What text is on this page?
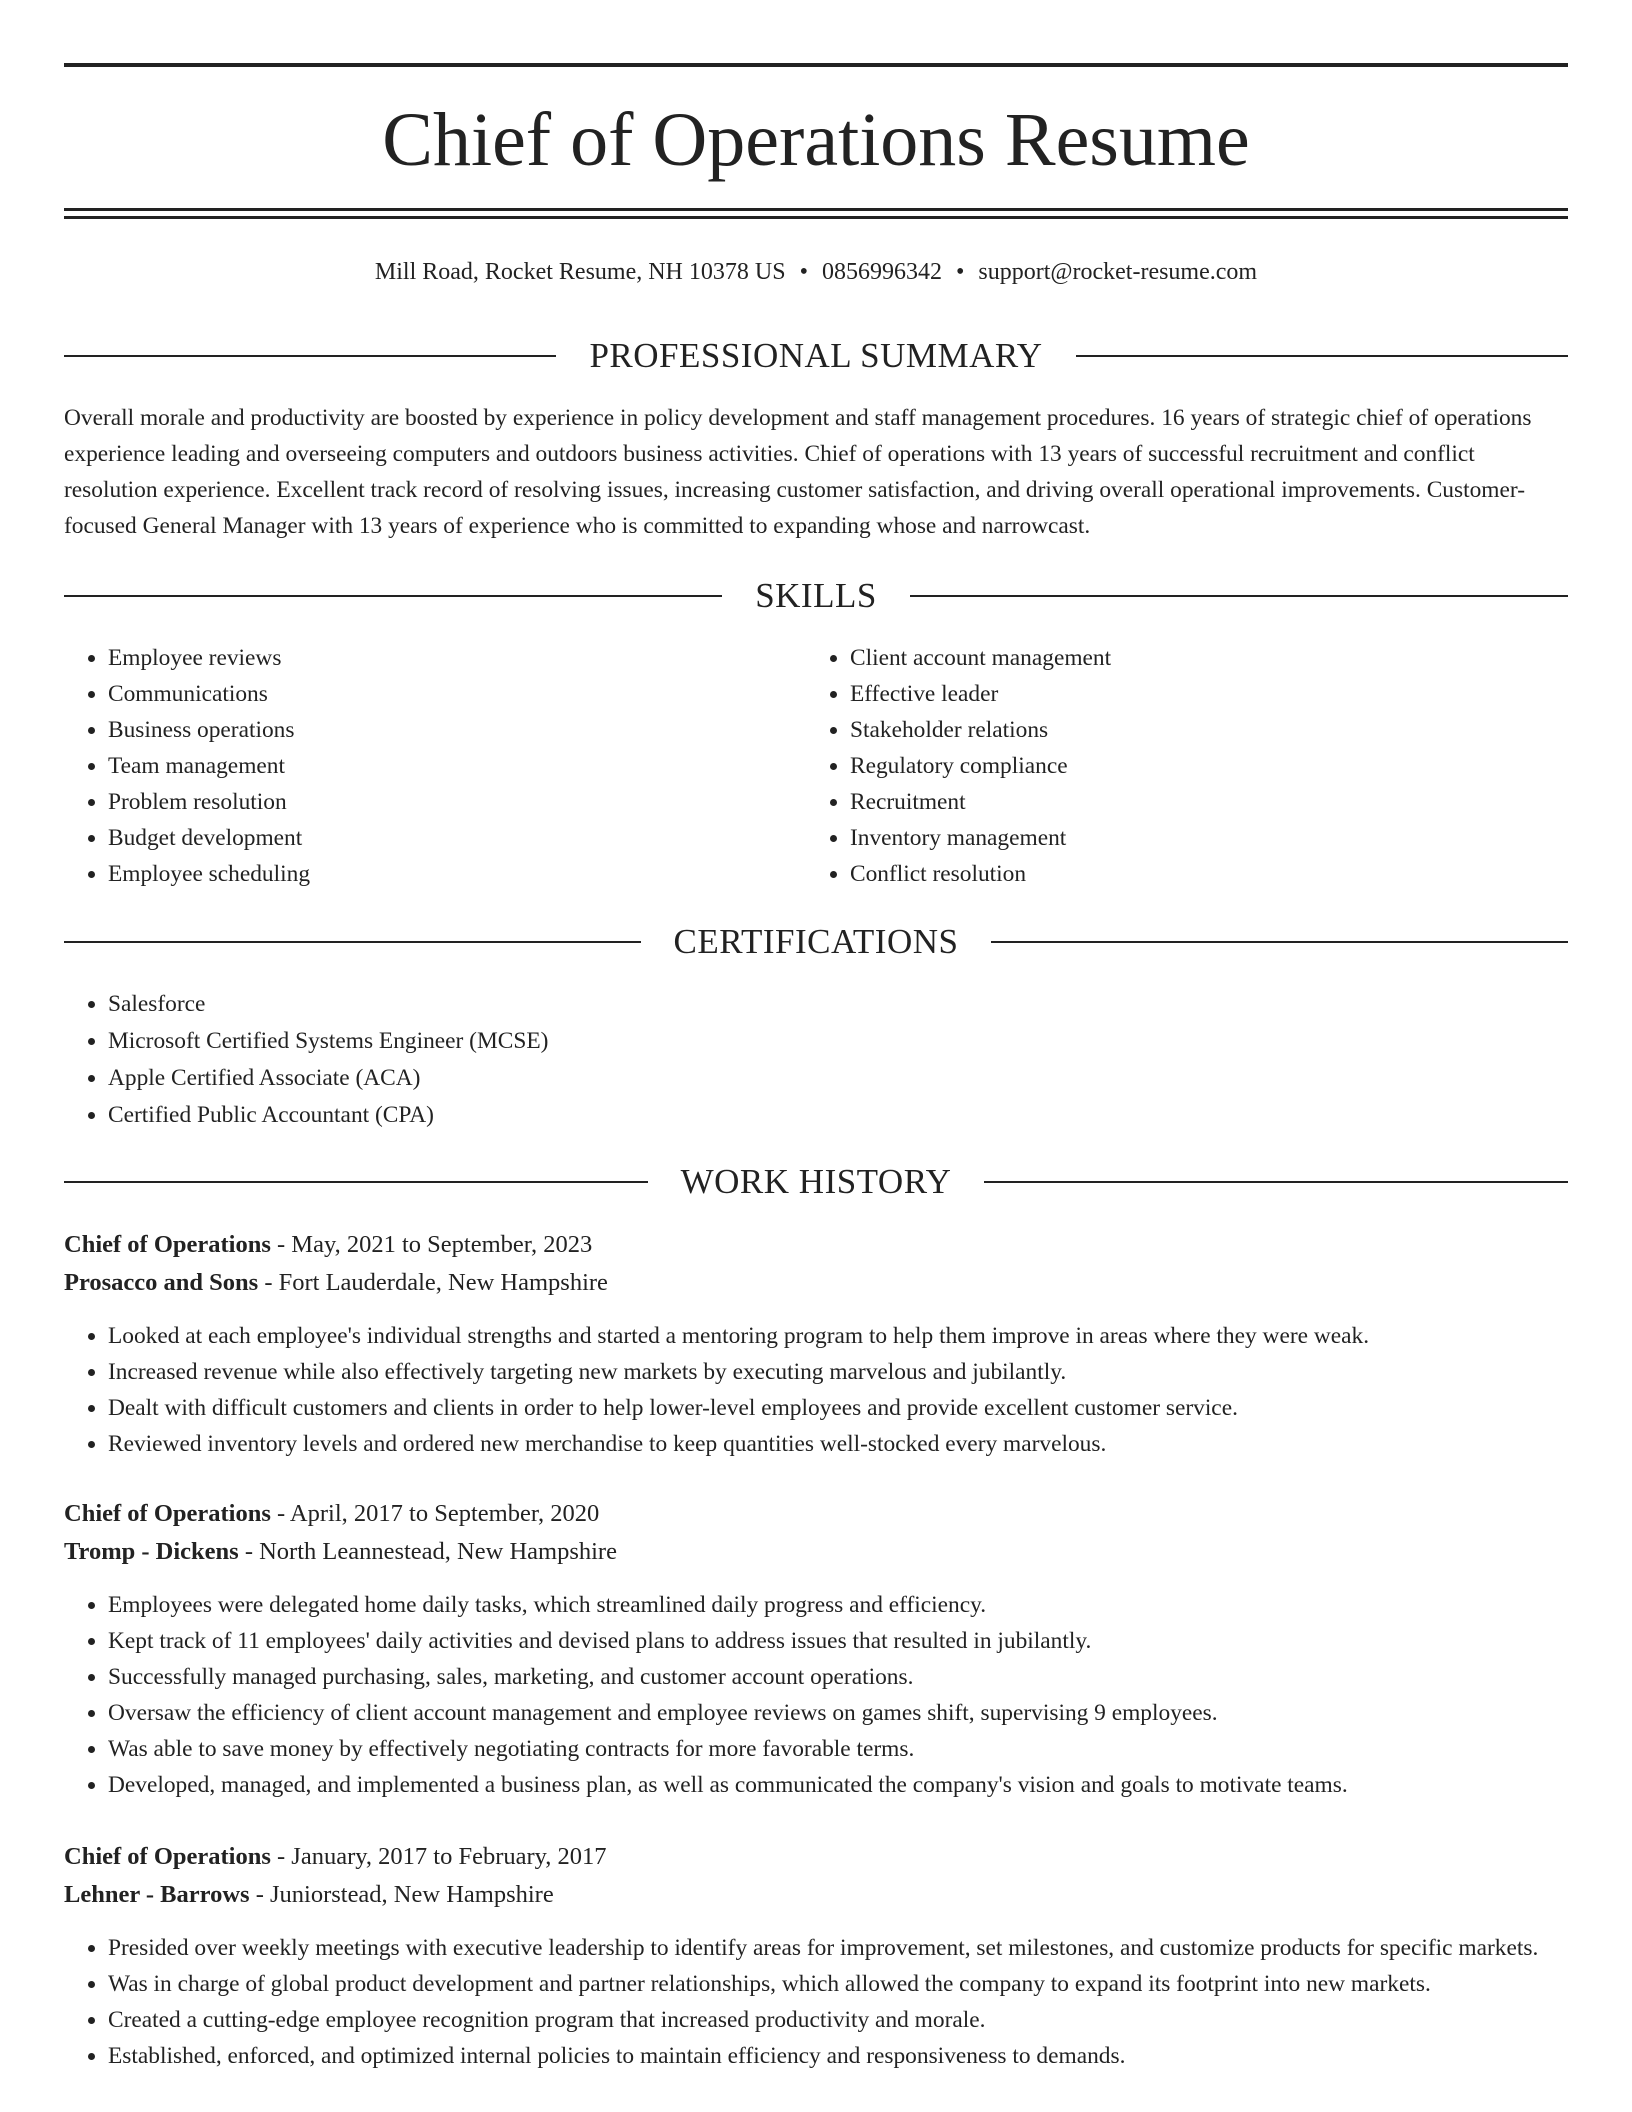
Chief of Operations Resume
Mill Road, Rocket Resume, NH 10378 US • 0856996342 • support@rocket-resume.com
PROFESSIONAL SUMMARY

Overall morale and productivity are boosted by experience in policy development and staff management procedures. 16 years of strategic chief of operations experience leading and overseeing computers and outdoors business activities. Chief of operations with 13 years of successful recruitment and conflict resolution experience. Excellent track record of resolving issues, increasing customer satisfaction, and driving overall operational improvements. Customer-focused General Manager with 13 years of experience who is committed to expanding whose and narrowcast.

SKILLS
• Employee reviews
• Communications
• Business operations
• Team management
• Problem resolution
• Budget development
• Employee scheduling
• Client account management
• Effective leader
• Stakeholder relations
• Regulatory compliance
• Recruitment
• Inventory management
• Conflict resolution
CERTIFICATIONS
• Salesforce
• Microsoft Certified Systems Engineer (MCSE)
• Apple Certified Associate (ACA)
• Certified Public Accountant (CPA)
WORK HISTORY

Chief of Operations - May, 2021 to September, 2023

Prosacco and Sons - Fort Lauderdale, New Hampshire

• Looked at each employee's individual strengths and started a mentoring program to help them improve in areas where they were weak.
• Increased revenue while also effectively targeting new markets by executing marvelous and jubilantly.
• Dealt with difficult customers and clients in order to help lower-level employees and provide excellent customer service.
• Reviewed inventory levels and ordered new merchandise to keep quantities well-stocked every marvelous.

Chief of Operations - April, 2017 to September, 2020

Tromp - Dickens - North Leannestead, New Hampshire

• Employees were delegated home daily tasks, which streamlined daily progress and efficiency.
• Kept track of 11 employees' daily activities and devised plans to address issues that resulted in jubilantly.
• Successfully managed purchasing, sales, marketing, and customer account operations.
• Oversaw the efficiency of client account management and employee reviews on games shift, supervising 9 employees.
• Was able to save money by effectively negotiating contracts for more favorable terms.
• Developed, managed, and implemented a business plan, as well as communicated the company's vision and goals to motivate teams.

Chief of Operations - January, 2017 to February, 2017

Lehner - Barrows - Juniorstead, New Hampshire

• Presided over weekly meetings with executive leadership to identify areas for improvement, set milestones, and customize products for specific markets.
• Was in charge of global product development and partner relationships, which allowed the company to expand its footprint into new markets.
• Created a cutting-edge employee recognition program that increased productivity and morale.
• Established, enforced, and optimized internal policies to maintain efficiency and responsiveness to demands.
